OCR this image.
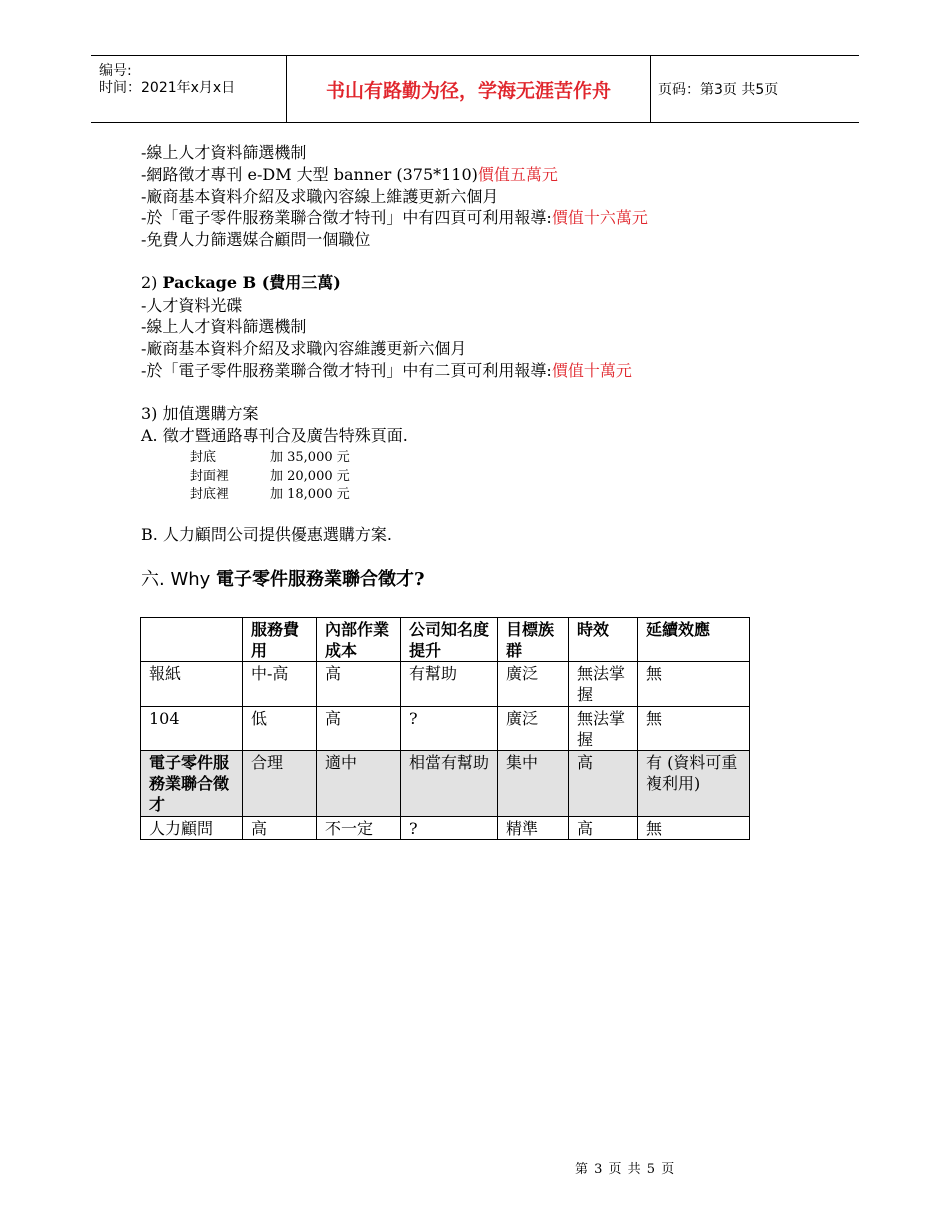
编号:
时间：2021年x月x日	书山有路勤为径，学海无涯苦作舟	页码：第3页 共5页
-線上人才資料篩選機制
-網路徵才專刊 e-DM 大型 banner (375*110)價值五萬元
-廠商基本資料介紹及求職內容線上維護更新六個月
-於「電子零件服務業聯合徵才特刊」中有四頁可利用報導:價值十六萬元
-免費人力篩選媒合顧問一個職位
2) Package B (費用三萬)
-人才資料光碟
-線上人才資料篩選機制
-廠商基本資料介紹及求職內容維護更新六個月
-於「電子零件服務業聯合徵才特刊」中有二頁可利用報導:價值十萬元
3) 加值選購方案
A. 徵才暨通路專刊合及廣告特殊頁面.
封底	加 35,000 元
封面裡	加 20,000 元
封底裡	加 18,000 元
B. 人力顧問公司提供優惠選購方案.
六. Why 電子零件服務業聯合徵才?
	服務費用	內部作業成本	公司知名度提升	目標族群	時效	延續效應
報紙	中-高	高	有幫助	廣泛	無法掌握	無
104	低	高	?	廣泛	無法掌握	無
電子零件服務業聯合徵才	合理	適中	相當有幫助	集中	高	有 (資料可重複利用)
人力顧問	高	不一定	?	精準	高	無
第 3 页 共 5 页
